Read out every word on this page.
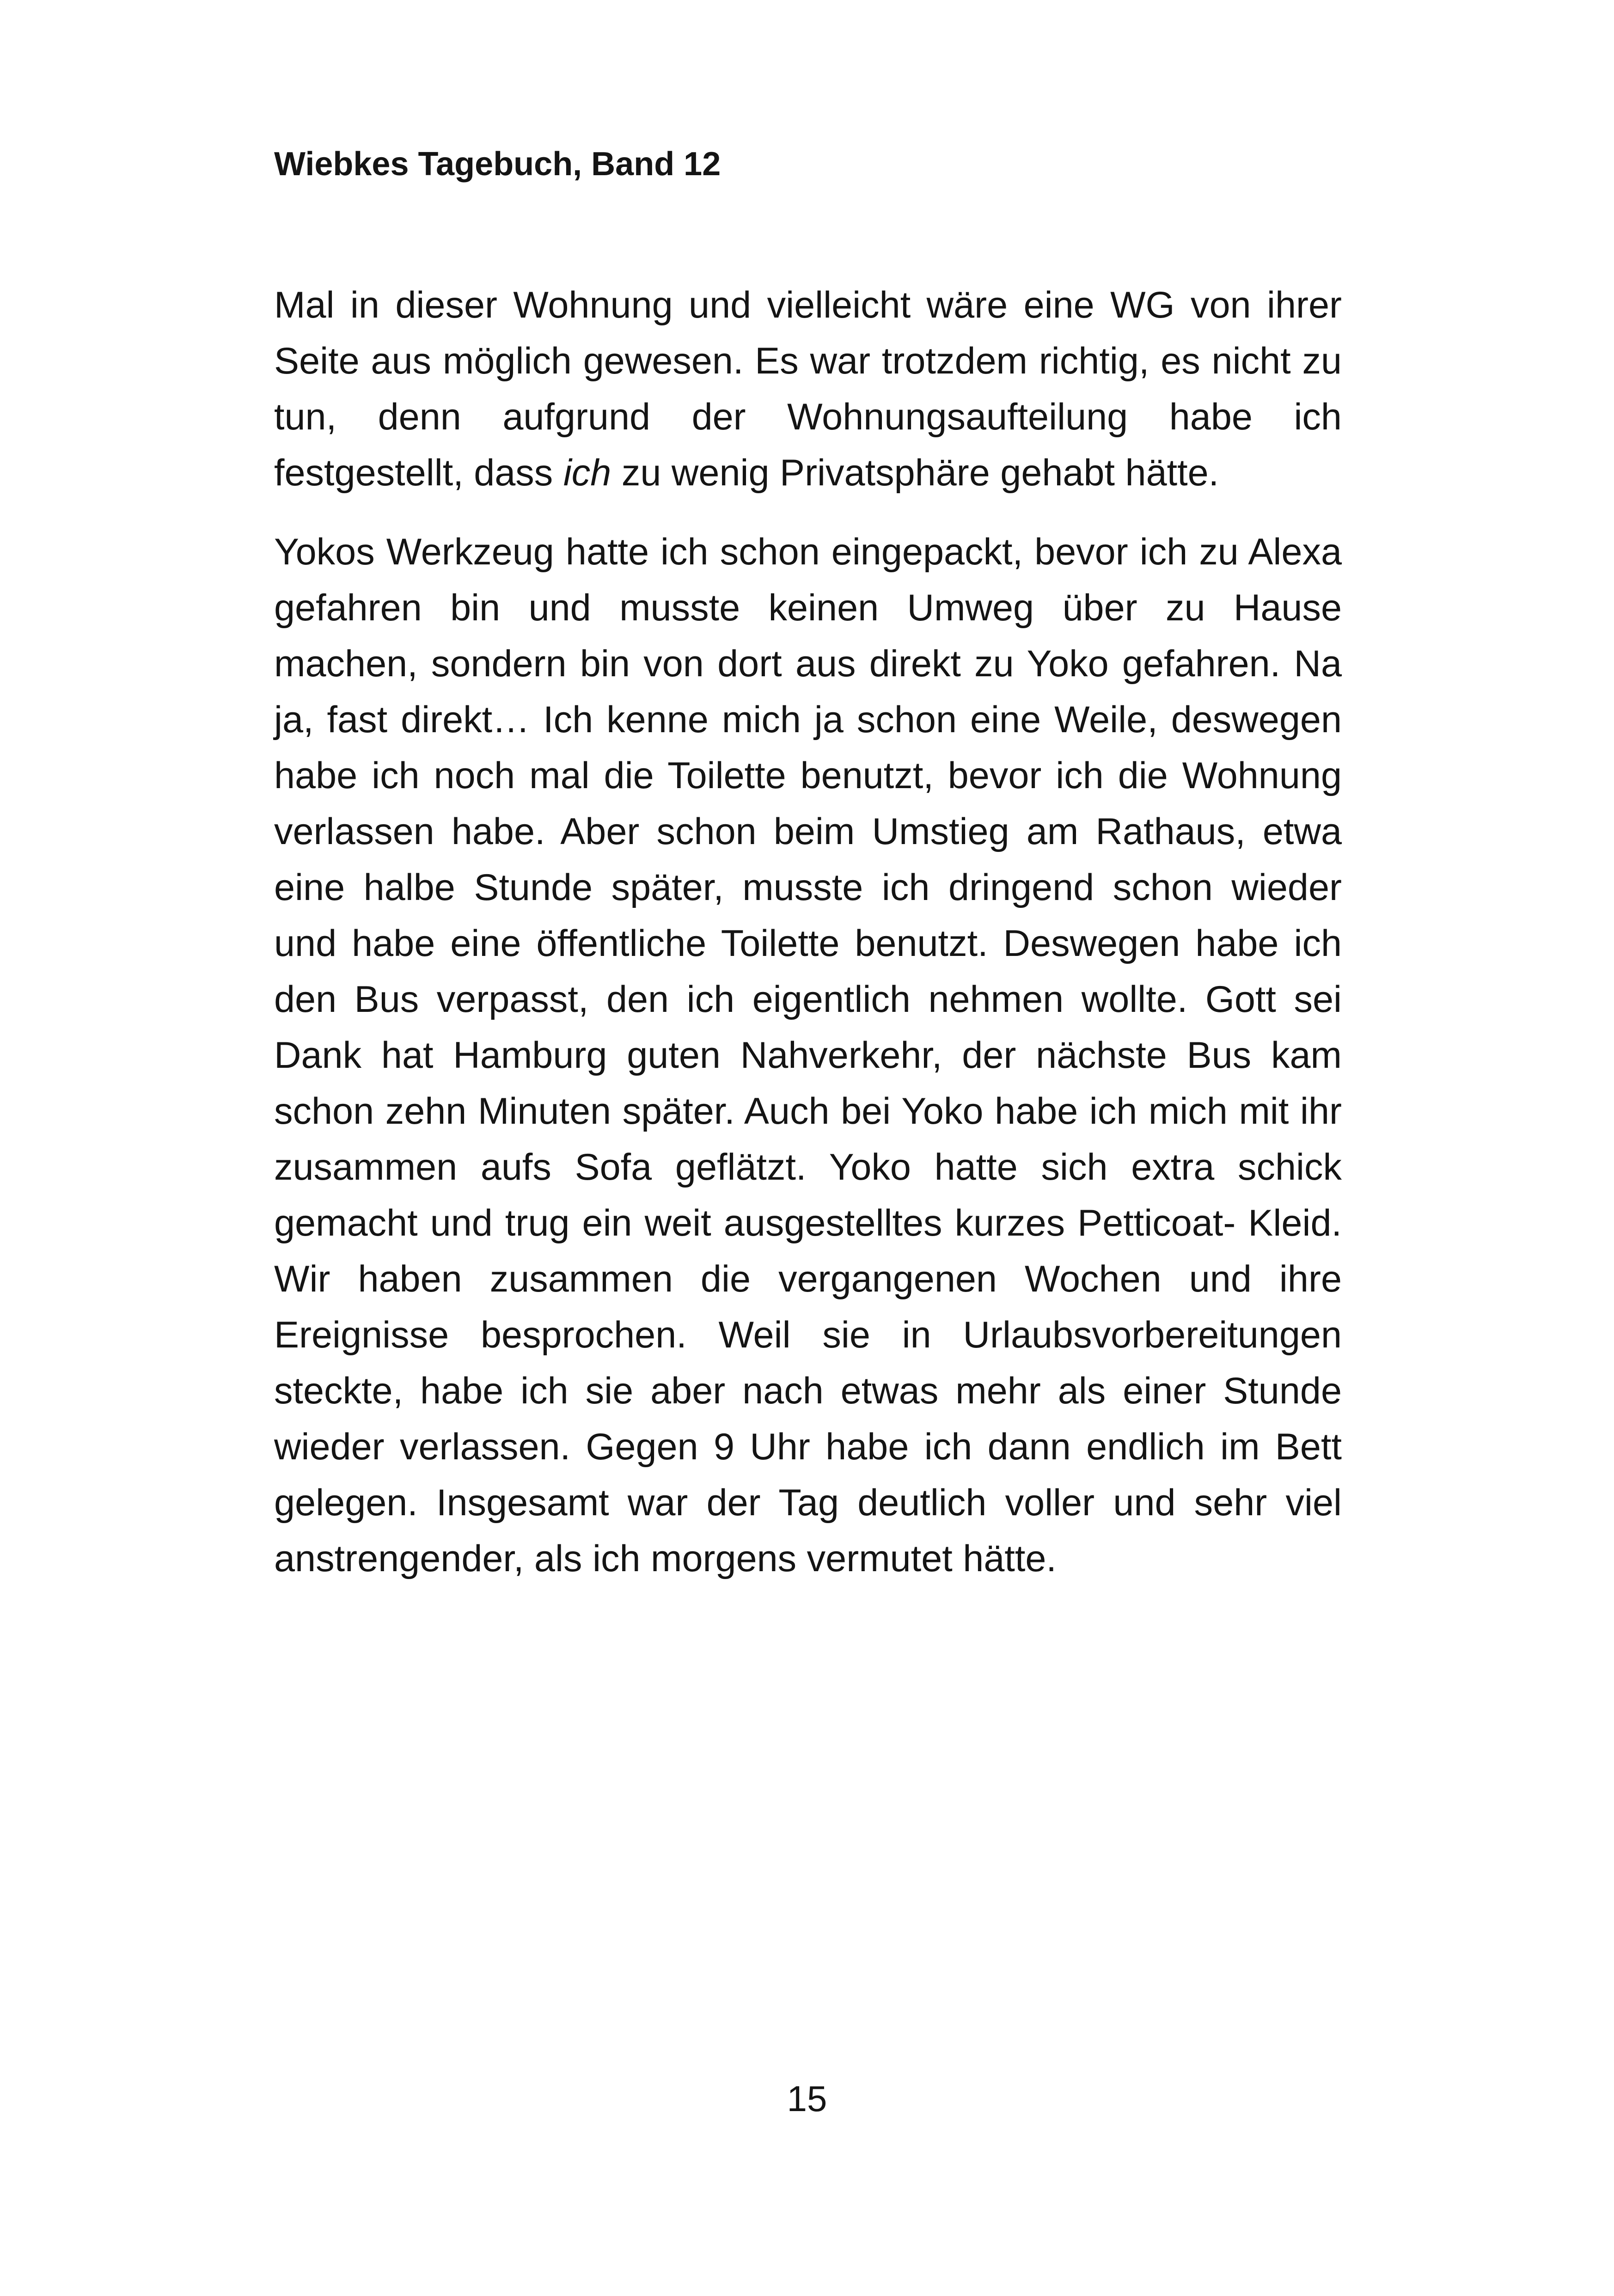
Wiebkes Tagebuch, Band 12

Mal in dieser Wohnung und vielleicht wäre eine WG von ihrer Seite aus möglich gewesen. Es war trotzdem richtig, es nicht zu tun, denn aufgrund der Wohnungsaufteilung habe ich festgestellt, dass ich zu wenig Privatsphäre gehabt hätte.

Yokos Werkzeug hatte ich schon eingepackt, bevor ich zu Alexa gefahren bin und musste keinen Umweg über zu Hause machen, sondern bin von dort aus direkt zu Yoko gefahren. Na ja, fast direkt… Ich kenne mich ja schon eine Weile, deswegen habe ich noch mal die Toilette benutzt, bevor ich die Wohnung verlassen habe. Aber schon beim Umstieg am Rathaus, etwa eine halbe Stunde später, musste ich dringend schon wieder und habe eine öffentliche Toilette benutzt. Deswegen habe ich den Bus verpasst, den ich eigentlich nehmen wollte. Gott sei Dank hat Hamburg guten Nahverkehr, der nächste Bus kam schon zehn Minuten später. Auch bei Yoko habe ich mich mit ihr zusammen aufs Sofa geflätzt. Yoko hatte sich extra schick gemacht und trug ein weit ausgestelltes kurzes Petticoat- Kleid. Wir haben zusammen die vergangenen Wochen und ihre Ereignisse besprochen. Weil sie in Urlaubsvorbereitungen steckte, habe ich sie aber nach etwas mehr als einer Stunde wieder verlassen. Gegen 9 Uhr habe ich dann endlich im Bett gelegen. Insgesamt war der Tag deutlich voller und sehr viel anstrengender, als ich morgens vermutet hätte.

15
